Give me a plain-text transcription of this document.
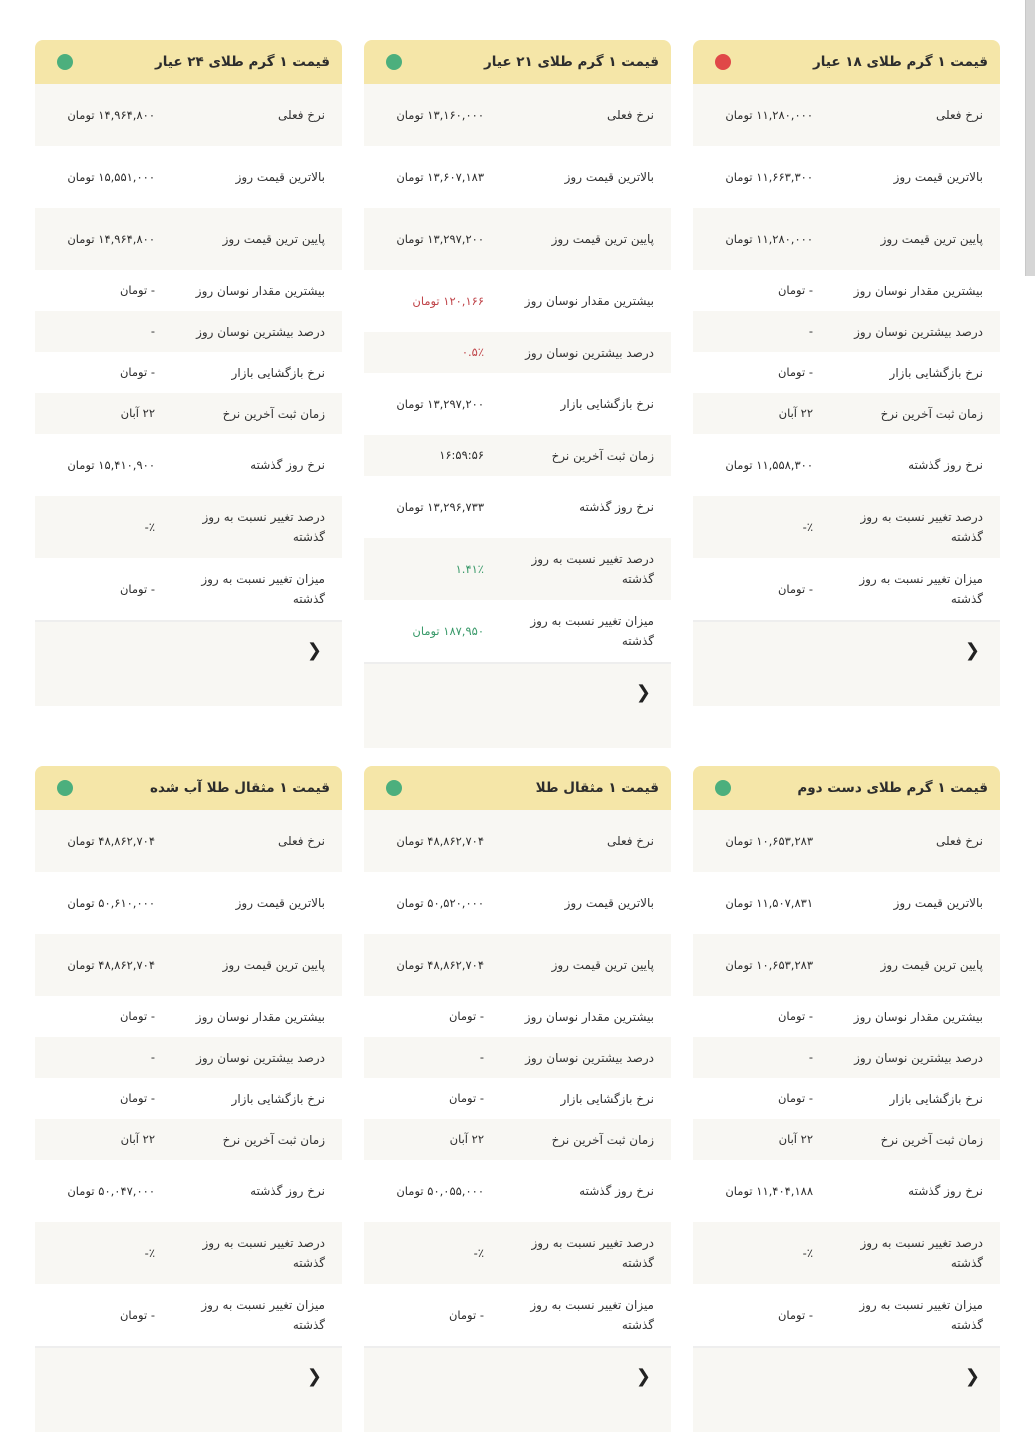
قیمت ۱ گرم طلای ۱۸ عیار
نرخ فعلی
۱۱,۲۸۰,۰۰۰ تومان
بالاترین قیمت روز
۱۱,۶۶۳,۳۰۰ تومان
پایین ترین قیمت روز
۱۱,۲۸۰,۰۰۰ تومان
بیشترین مقدار نوسان روز
- تومان
درصد بیشترین نوسان روز
-
نرخ بازگشایی بازار
- تومان
زمان ثبت آخرین نرخ
۲۲ آبان
نرخ روز گذشته
۱۱,۵۵۸,۳۰۰ تومان
درصد تغییر نسبت به روز گذشته
٪-
میزان تغییر نسبت به روز گذشته
- تومان
❮
قیمت ۱ گرم طلای ۲۱ عیار
نرخ فعلی
۱۳,۱۶۰,۰۰۰ تومان
بالاترین قیمت روز
۱۳,۶۰۷,۱۸۳ تومان
پایین ترین قیمت روز
۱۳,۲۹۷,۲۰۰ تومان
بیشترین مقدار نوسان روز
۱۲۰,۱۶۶ تومان
درصد بیشترین نوسان روز
۰.۵٪
نرخ بازگشایی بازار
۱۳,۲۹۷,۲۰۰ تومان
زمان ثبت آخرین نرخ
۱۶:۵۹:۵۶
نرخ روز گذشته
۱۳,۲۹۶,۷۳۳ تومان
درصد تغییر نسبت به روز گذشته
۱.۴۱٪
میزان تغییر نسبت به روز گذشته
۱۸۷,۹۵۰ تومان
❮
قیمت ۱ گرم طلای ۲۴ عیار
نرخ فعلی
۱۴,۹۶۴,۸۰۰ تومان
بالاترین قیمت روز
۱۵,۵۵۱,۰۰۰ تومان
پایین ترین قیمت روز
۱۴,۹۶۴,۸۰۰ تومان
بیشترین مقدار نوسان روز
- تومان
درصد بیشترین نوسان روز
-
نرخ بازگشایی بازار
- تومان
زمان ثبت آخرین نرخ
۲۲ آبان
نرخ روز گذشته
۱۵,۴۱۰,۹۰۰ تومان
درصد تغییر نسبت به روز گذشته
٪-
میزان تغییر نسبت به روز گذشته
- تومان
❮
قیمت ۱ گرم طلای دست دوم
نرخ فعلی
۱۰,۶۵۳,۲۸۳ تومان
بالاترین قیمت روز
۱۱,۵۰۷,۸۳۱ تومان
پایین ترین قیمت روز
۱۰,۶۵۳,۲۸۳ تومان
بیشترین مقدار نوسان روز
- تومان
درصد بیشترین نوسان روز
-
نرخ بازگشایی بازار
- تومان
زمان ثبت آخرین نرخ
۲۲ آبان
نرخ روز گذشته
۱۱,۴۰۴,۱۸۸ تومان
درصد تغییر نسبت به روز گذشته
٪-
میزان تغییر نسبت به روز گذشته
- تومان
❮
قیمت ۱ مثقال طلا
نرخ فعلی
۴۸,۸۶۲,۷۰۴ تومان
بالاترین قیمت روز
۵۰,۵۲۰,۰۰۰ تومان
پایین ترین قیمت روز
۴۸,۸۶۲,۷۰۴ تومان
بیشترین مقدار نوسان روز
- تومان
درصد بیشترین نوسان روز
-
نرخ بازگشایی بازار
- تومان
زمان ثبت آخرین نرخ
۲۲ آبان
نرخ روز گذشته
۵۰,۰۵۵,۰۰۰ تومان
درصد تغییر نسبت به روز گذشته
٪-
میزان تغییر نسبت به روز گذشته
- تومان
❮
قیمت ۱ مثقال طلا آب شده
نرخ فعلی
۴۸,۸۶۲,۷۰۴ تومان
بالاترین قیمت روز
۵۰,۶۱۰,۰۰۰ تومان
پایین ترین قیمت روز
۴۸,۸۶۲,۷۰۴ تومان
بیشترین مقدار نوسان روز
- تومان
درصد بیشترین نوسان روز
-
نرخ بازگشایی بازار
- تومان
زمان ثبت آخرین نرخ
۲۲ آبان
نرخ روز گذشته
۵۰,۰۴۷,۰۰۰ تومان
درصد تغییر نسبت به روز گذشته
٪-
میزان تغییر نسبت به روز گذشته
- تومان
❮
